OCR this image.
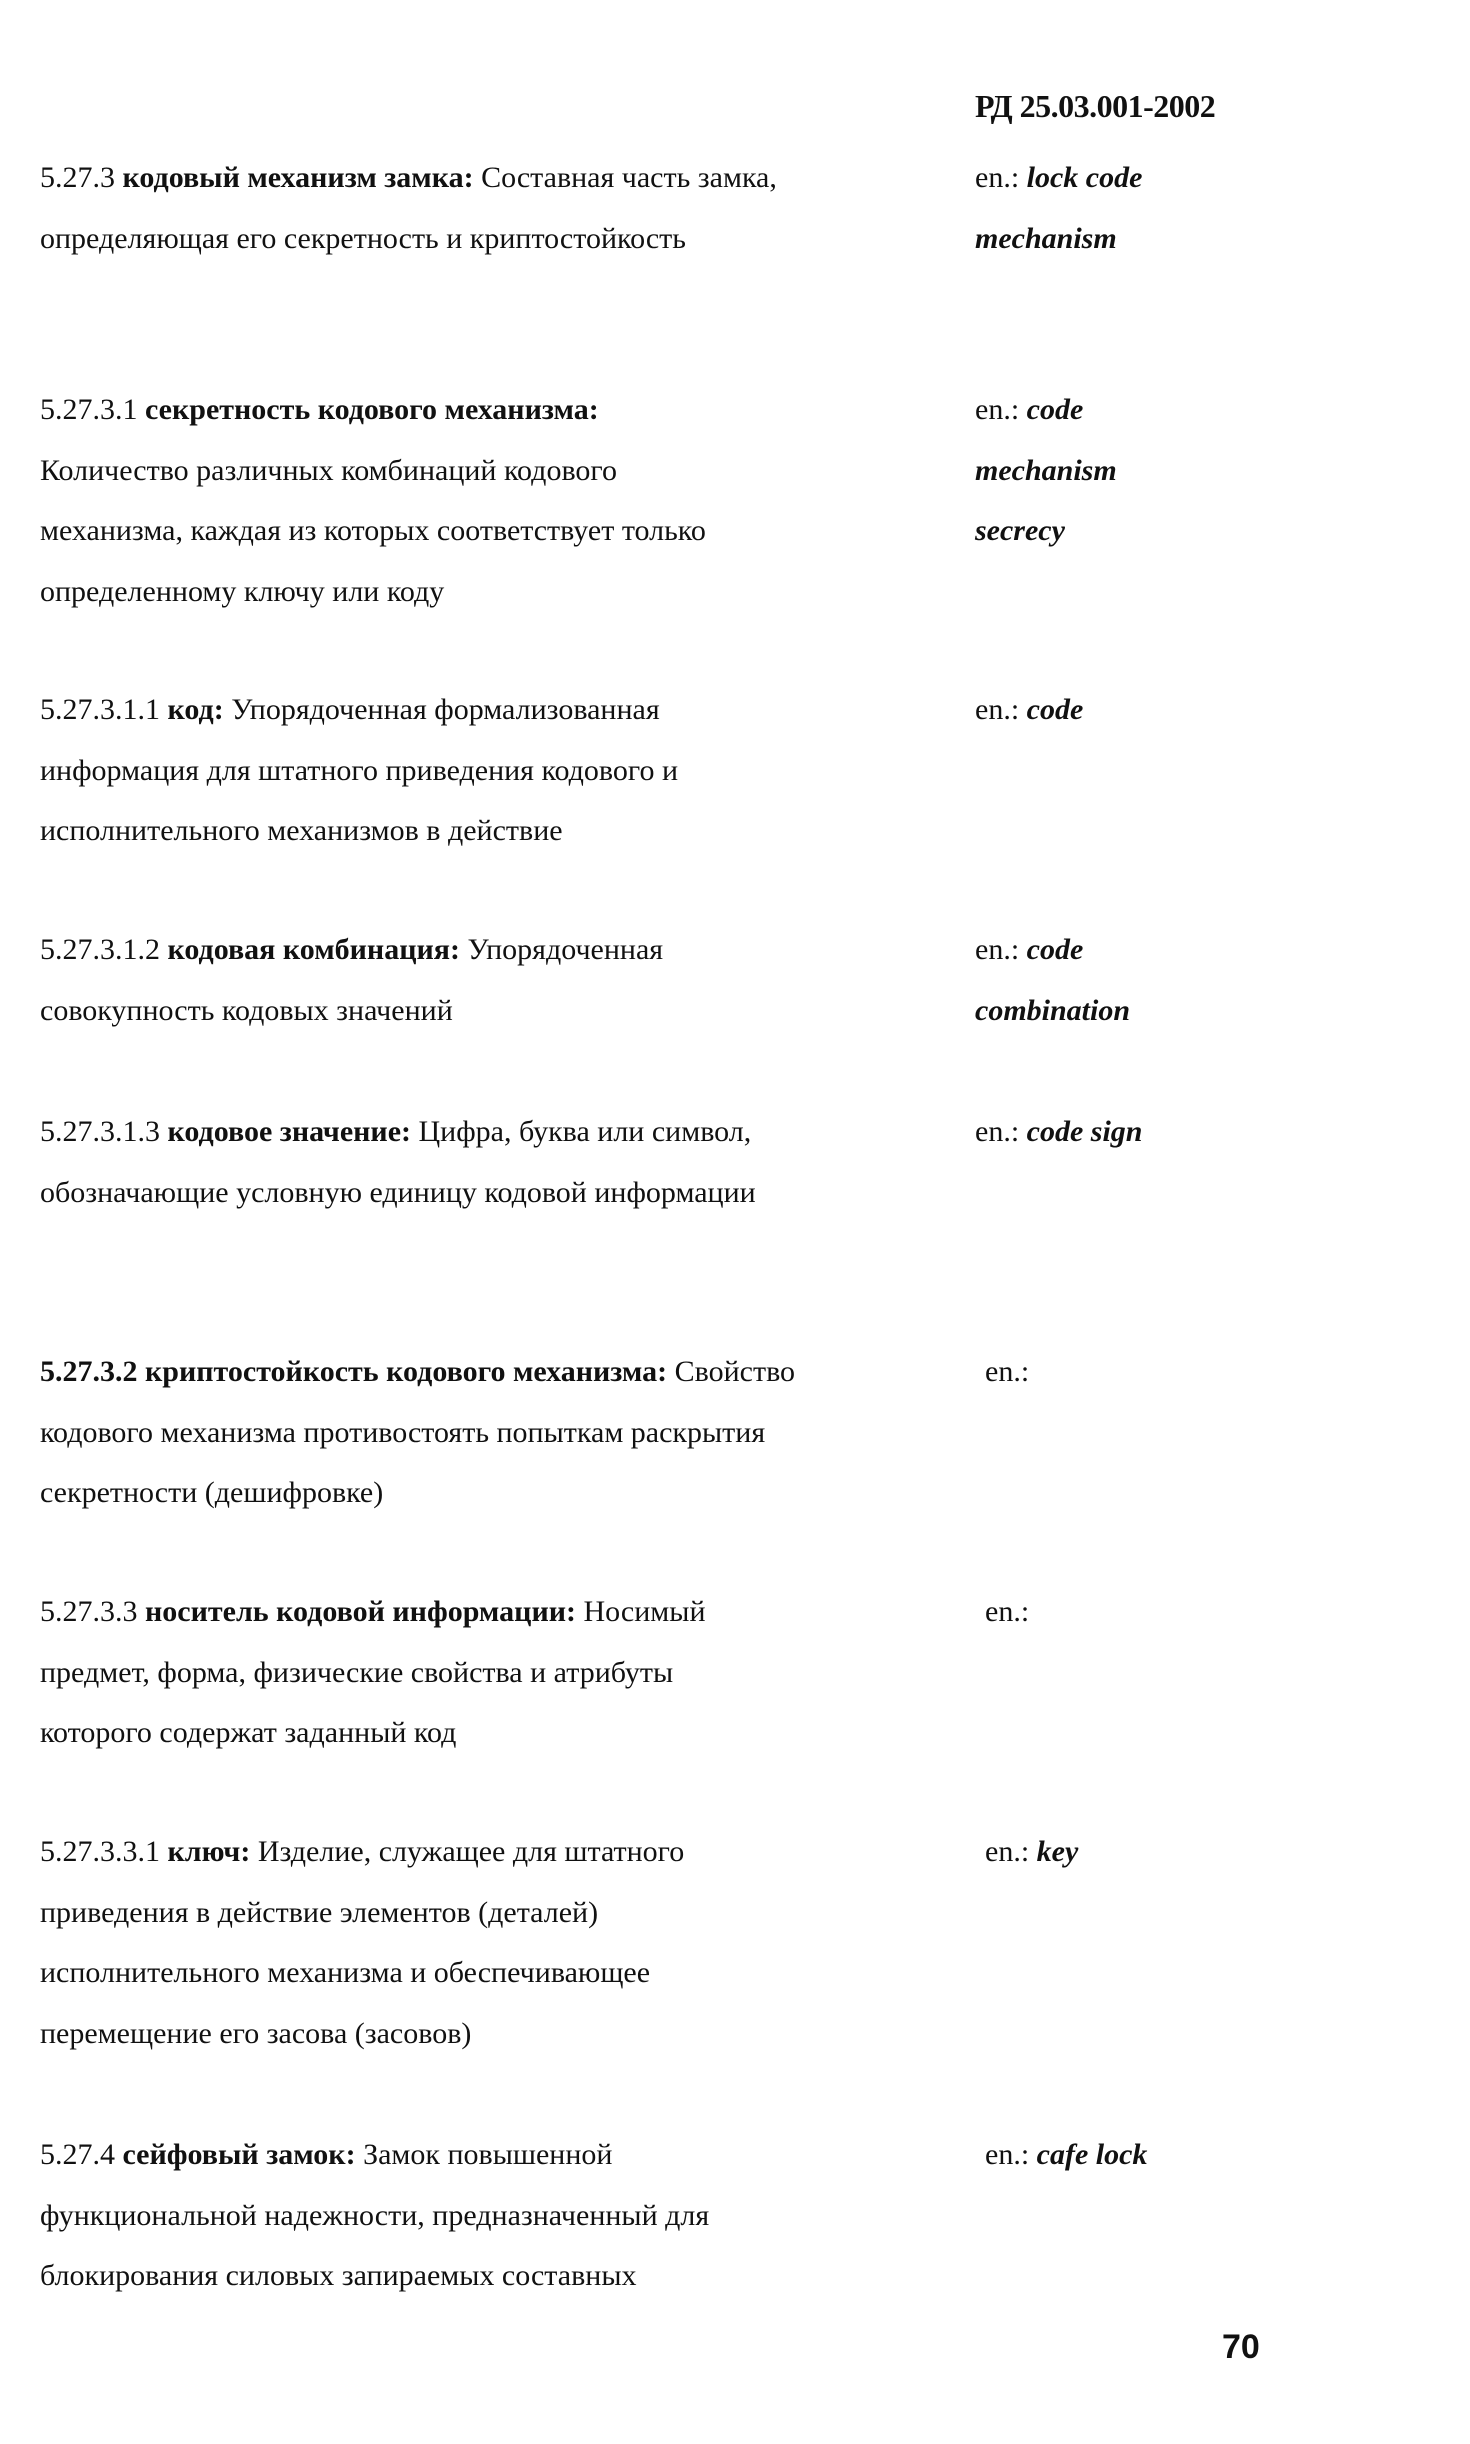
РД 25.03.001-2002
5.27.3 кодовый механизм замка: Составная часть замка, определяющая его секретность и криптостойкость
en.: lock code mechanism
5.27.3.1 секретность кодового механизма: Количество различных комбинаций кодового механизма, каждая из которых соответствует только определенному ключу или коду
en.: code mechanism secrecy
5.27.3.1.1 код: Упорядоченная формализованная информация для штатного приведения кодового и исполнительного механизмов в действие
en.: code
5.27.3.1.2 кодовая комбинация: Упорядоченная совокупность кодовых значений
en.: code combination
5.27.3.1.3 кодовое значение: Цифра, буква или символ, обозначающие условную единицу кодовой информации
en.: code sign
5.27.3.2 криптостойкость кодового механизма: Свойство кодового механизма противостоять попыткам раскрытия секретности (дешифровке)
en.:
5.27.3.3 носитель кодовой информации: Носимый предмет, форма, физические свойства и атрибуты которого содержат заданный код
en.:
5.27.3.3.1 ключ: Изделие, служащее для штатного приведения в действие элементов (деталей) исполнительного механизма и обеспечивающее перемещение его засова (засовов)
en.: key
5.27.4 сейфовый замок: Замок повышенной функциональной надежности, предназначенный для блокирования силовых запираемых составных
en.: cafe lock
70
